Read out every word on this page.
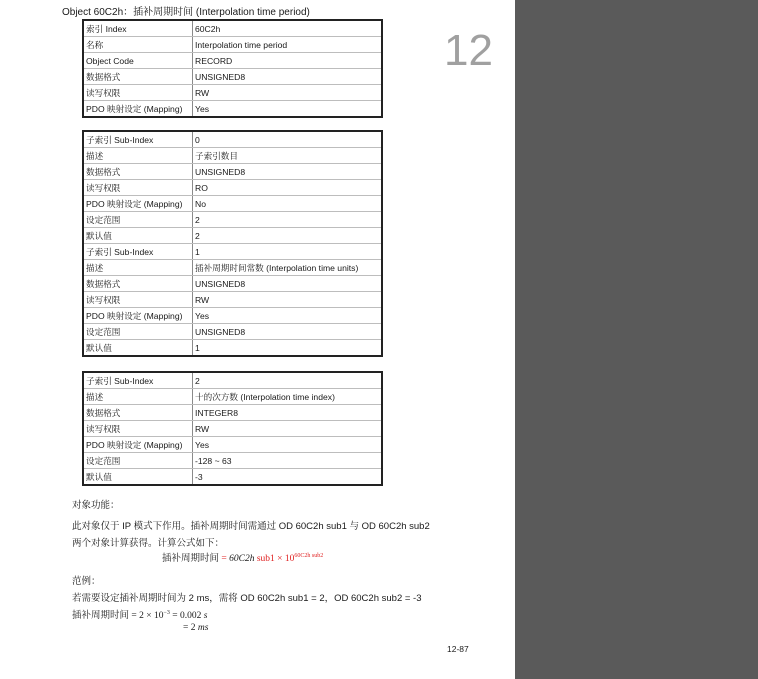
12
Object 60C2h：插补周期时间 (Interpolation time period)
索引 Index	60C2h
名称	Interpolation time period
Object Code	RECORD
数据格式	UNSIGNED8
读写权限	RW
PDO 映射设定 (Mapping)	Yes
子索引 Sub-Index	0
描述	子索引数目
数据格式	UNSIGNED8
读写权限	RO
PDO 映射设定 (Mapping)	No
设定范围	2
默认值	2
子索引 Sub-Index	1
描述	插补周期时间常数 (Interpolation time units)
数据格式	UNSIGNED8
读写权限	RW
PDO 映射设定 (Mapping)	Yes
设定范围	UNSIGNED8
默认值	1
子索引 Sub-Index	2
描述	十的次方数 (Interpolation time index)
数据格式	INTEGER8
读写权限	RW
PDO 映射设定 (Mapping)	Yes
设定范围	-128 ~ 63
默认值	-3
对象功能：
此对象仅于 IP 模式下作用。插补周期时间需通过 OD 60C2h sub1 与 OD 60C2h sub2
两个对象计算获得。计算公式如下：
插补周期时间 = 60C2h $sub1 \times 10^{60C2h sub2}$
范例：
若需要设定插补周期时间为 2 ms，需将 OD 60C2h sub1 = 2，OD 60C2h sub2 = -3
插补周期时间 = $2 \times 10^{-3} = 0.002$ s
= 2 ms
12-87
